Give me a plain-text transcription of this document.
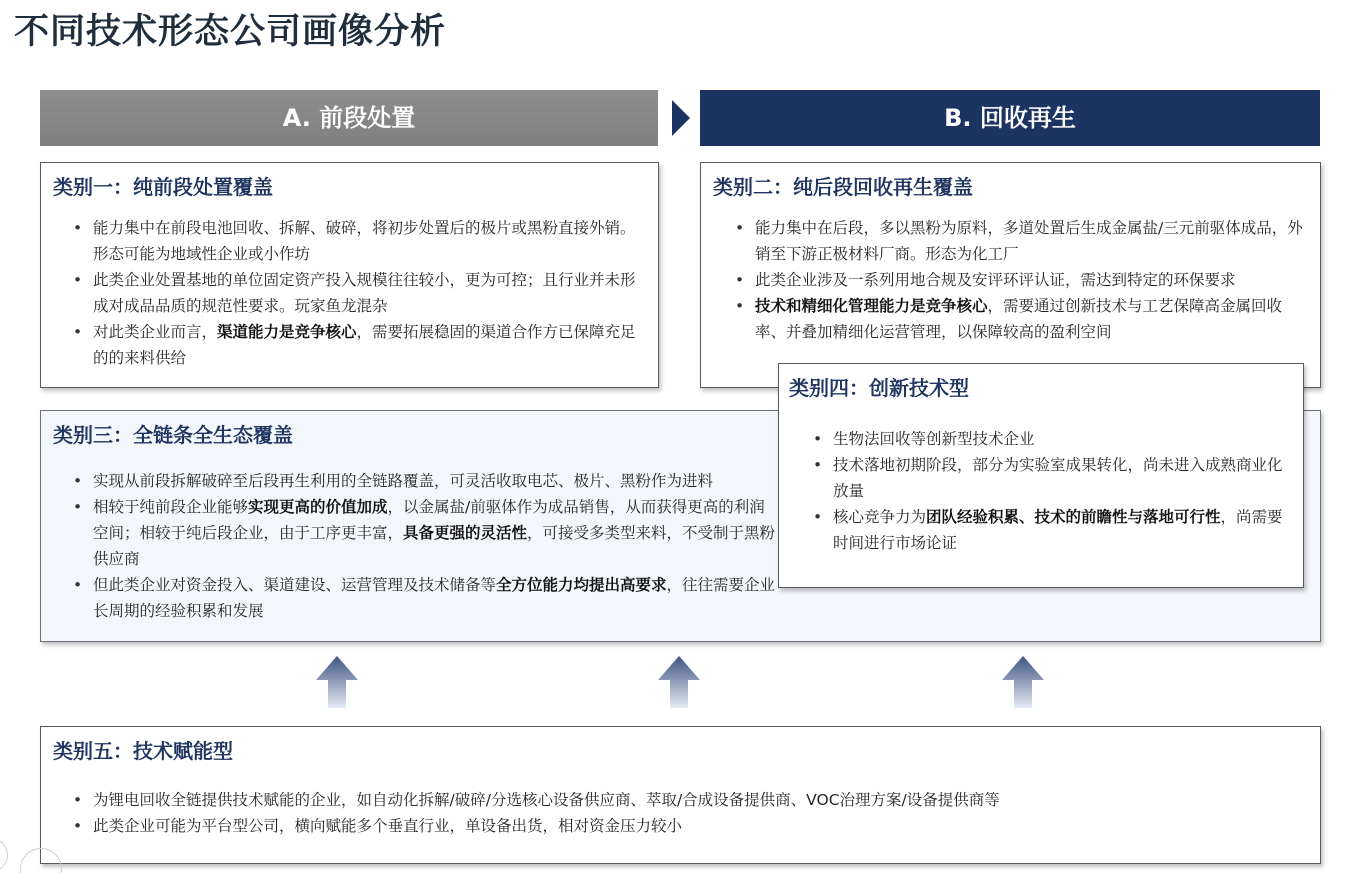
不同技术形态公司画像分析
A. 前段处置	B. 回收再生
类别一：纯前段处置覆盖
• 能力集中在前段电池回收、拆解、破碎，将初步处置后的极片或黑粉直接外销。形态可能为地域性企业或小作坊
• 此类企业处置基地的单位固定资产投入规模往往较小，更为可控；且行业并未形成对成品品质的规范性要求。玩家鱼龙混杂
• 对此类企业而言，渠道能力是竞争核心，需要拓展稳固的渠道合作方已保障充足的的来料供给
类别二：纯后段回收再生覆盖
• 能力集中在后段，多以黑粉为原料，多道处置后生成金属盐/三元前驱体成品，外销至下游正极材料厂商。形态为化工厂
• 此类企业涉及一系列用地合规及安评环评认证，需达到特定的环保要求
• 技术和精细化管理能力是竞争核心，需要通过创新技术与工艺保障高金属回收率、并叠加精细化运营管理，以保障较高的盈利空间
类别三：全链条全生态覆盖
• 实现从前段拆解破碎至后段再生利用的全链路覆盖，可灵活收取电芯、极片、黑粉作为进料
• 相较于纯前段企业能够实现更高的价值加成，以金属盐/前驱体作为成品销售，从而获得更高的利润空间；相较于纯后段企业，由于工序更丰富，具备更强的灵活性，可接受多类型来料，不受制于黑粉供应商
• 但此类企业对资金投入、渠道建设、运营管理及技术储备等全方位能力均提出高要求，往往需要企业长周期的经验积累和发展
类别四：创新技术型
• 生物法回收等创新型技术企业
• 技术落地初期阶段，部分为实验室成果转化，尚未进入成熟商业化放量
• 核心竞争力为团队经验积累、技术的前瞻性与落地可行性，尚需要时间进行市场论证
类别五：技术赋能型
• 为锂电回收全链提供技术赋能的企业，如自动化拆解/破碎/分选核心设备供应商、萃取/合成设备提供商、VOC治理方案/设备提供商等
• 此类企业可能为平台型公司，横向赋能多个垂直行业，单设备出货，相对资金压力较小
